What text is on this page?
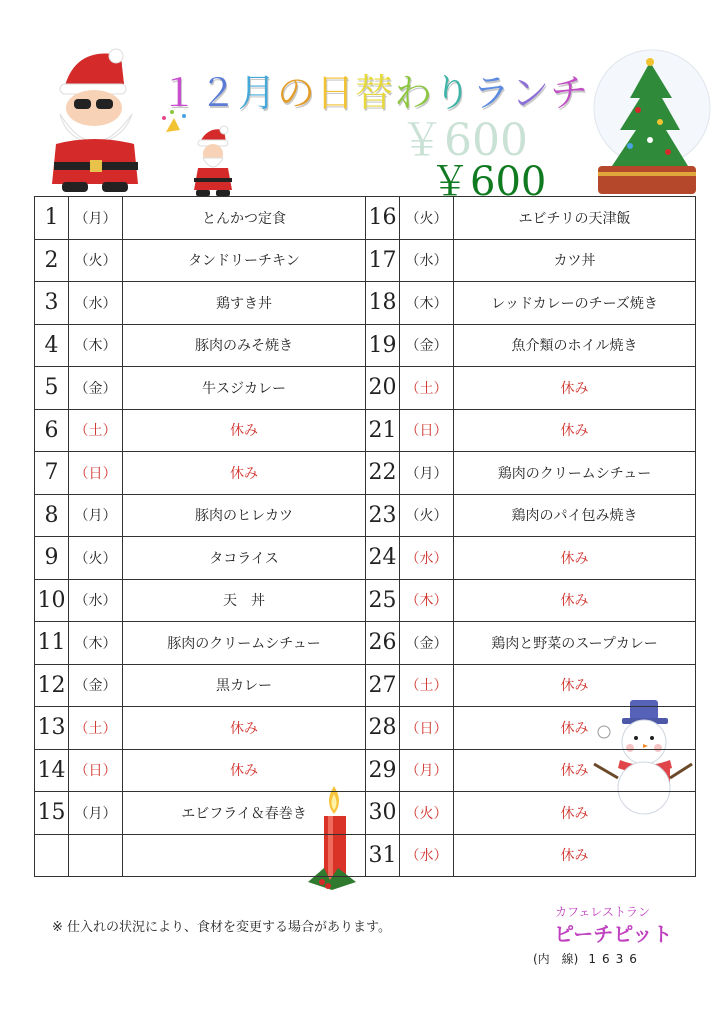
１２月の日替わりランチ
￥600
￥600
1	（月）	とんかつ定食	16	（火）	エビチリの天津飯
2	（火）	タンドリーチキン	17	（水）	カツ丼
3	（水）	鶏すき丼	18	（木）	レッドカレーのチーズ焼き
4	（木）	豚肉のみそ焼き	19	（金）	魚介類のホイル焼き
5	（金）	牛スジカレー	20	（土）	休み
6	（土）	休み	21	（日）	休み
7	（日）	休み	22	（月）	鶏肉のクリームシチュー
8	（月）	豚肉のヒレカツ	23	（火）	鶏肉のパイ包み焼き
9	（火）	タコライス	24	（水）	休み
10	（水）	天　丼	25	（木）	休み
11	（木）	豚肉のクリームシチュー	26	（金）	鶏肉と野菜のスープカレー
12	（金）	黒カレー	27	（土）	休み
13	（土）	休み	28	（日）	休み
14	（日）	休み	29	（月）	休み
15	（月）	エビフライ＆春巻き	30	（火）	休み
			31	（水）	休み
※ 仕入れの状況により、食材を変更する場合があります。
カフェレストラン
ピーチピット
(内　線) 1636
